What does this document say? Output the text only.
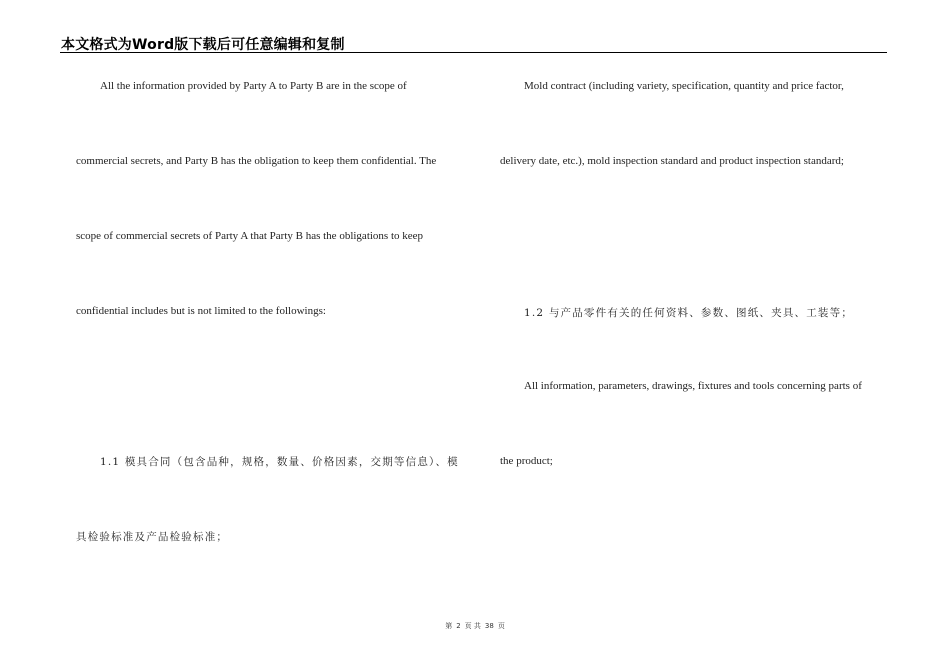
本文格式为Word版下载后可任意编辑和复制
All the information provided by Party A to Party B are in the scope of
commercial secrets, and Party B has the obligation to keep them confidential. The
scope of commercial secrets of Party A that Party B has the obligations to keep
confidential includes but is not limited to the followings:
1.1 模具合同（包含品种，规格，数量、价格因素，交期等信息）、模
具检验标准及产品检验标准；
Mold contract (including variety, specification, quantity and price factor,
delivery date, etc.), mold inspection standard and product inspection standard;
1.2 与产品零件有关的任何资料、参数、图纸、夹具、工装等；
All information, parameters, drawings, fixtures and tools concerning parts of
the product;
第 2 页 共 38 页
